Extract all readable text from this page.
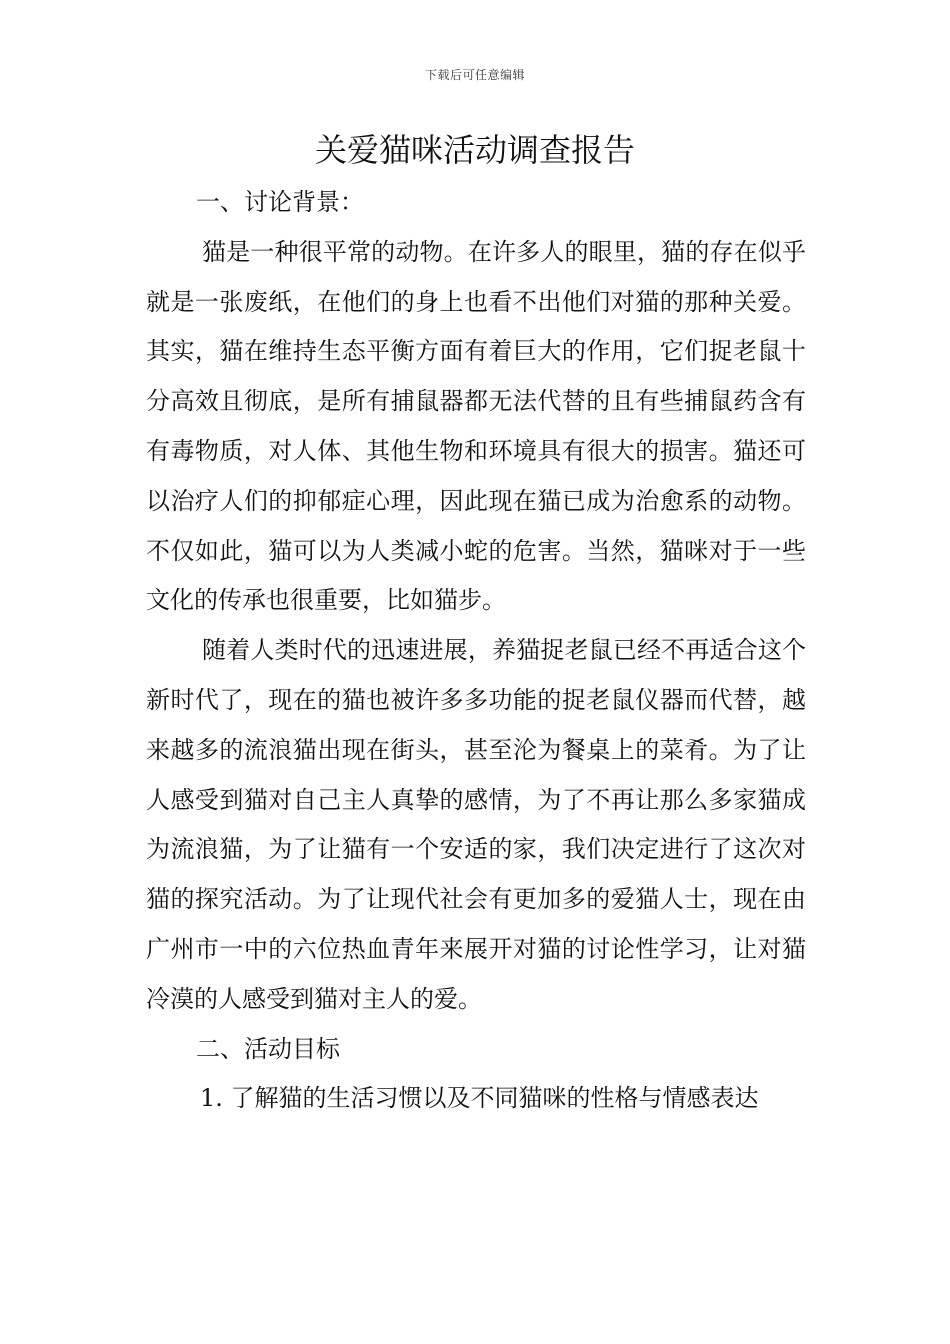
下载后可任意编辑
关爱猫咪活动调查报告

一、讨论背景：

猫是一种很平常的动物。在许多人的眼里，猫的存在似乎就是一张废纸，在他们的身上也看不出他们对猫的那种关爱。其实，猫在维持生态平衡方面有着巨大的作用，它们捉老鼠十分高效且彻底，是所有捕鼠器都无法代替的且有些捕鼠药含有有毒物质，对人体、其他生物和环境具有很大的损害。猫还可以治疗人们的抑郁症心理，因此现在猫已成为治愈系的动物。不仅如此，猫可以为人类减小蛇的危害。当然，猫咪对于一些文化的传承也很重要，比如猫步。

随着人类时代的迅速进展，养猫捉老鼠已经不再适合这个新时代了，现在的猫也被许多多功能的捉老鼠仪器而代替，越来越多的流浪猫出现在街头，甚至沦为餐桌上的菜肴。为了让人感受到猫对自己主人真挚的感情，为了不再让那么多家猫成为流浪猫，为了让猫有一个安适的家，我们决定进行了这次对猫的探究活动。为了让现代社会有更加多的爱猫人士，现在由广州市一中的六位热血青年来展开对猫的讨论性学习，让对猫冷漠的人感受到猫对主人的爱。

二、活动目标

1. 了解猫的生活习惯以及不同猫咪的性格与情感表达
